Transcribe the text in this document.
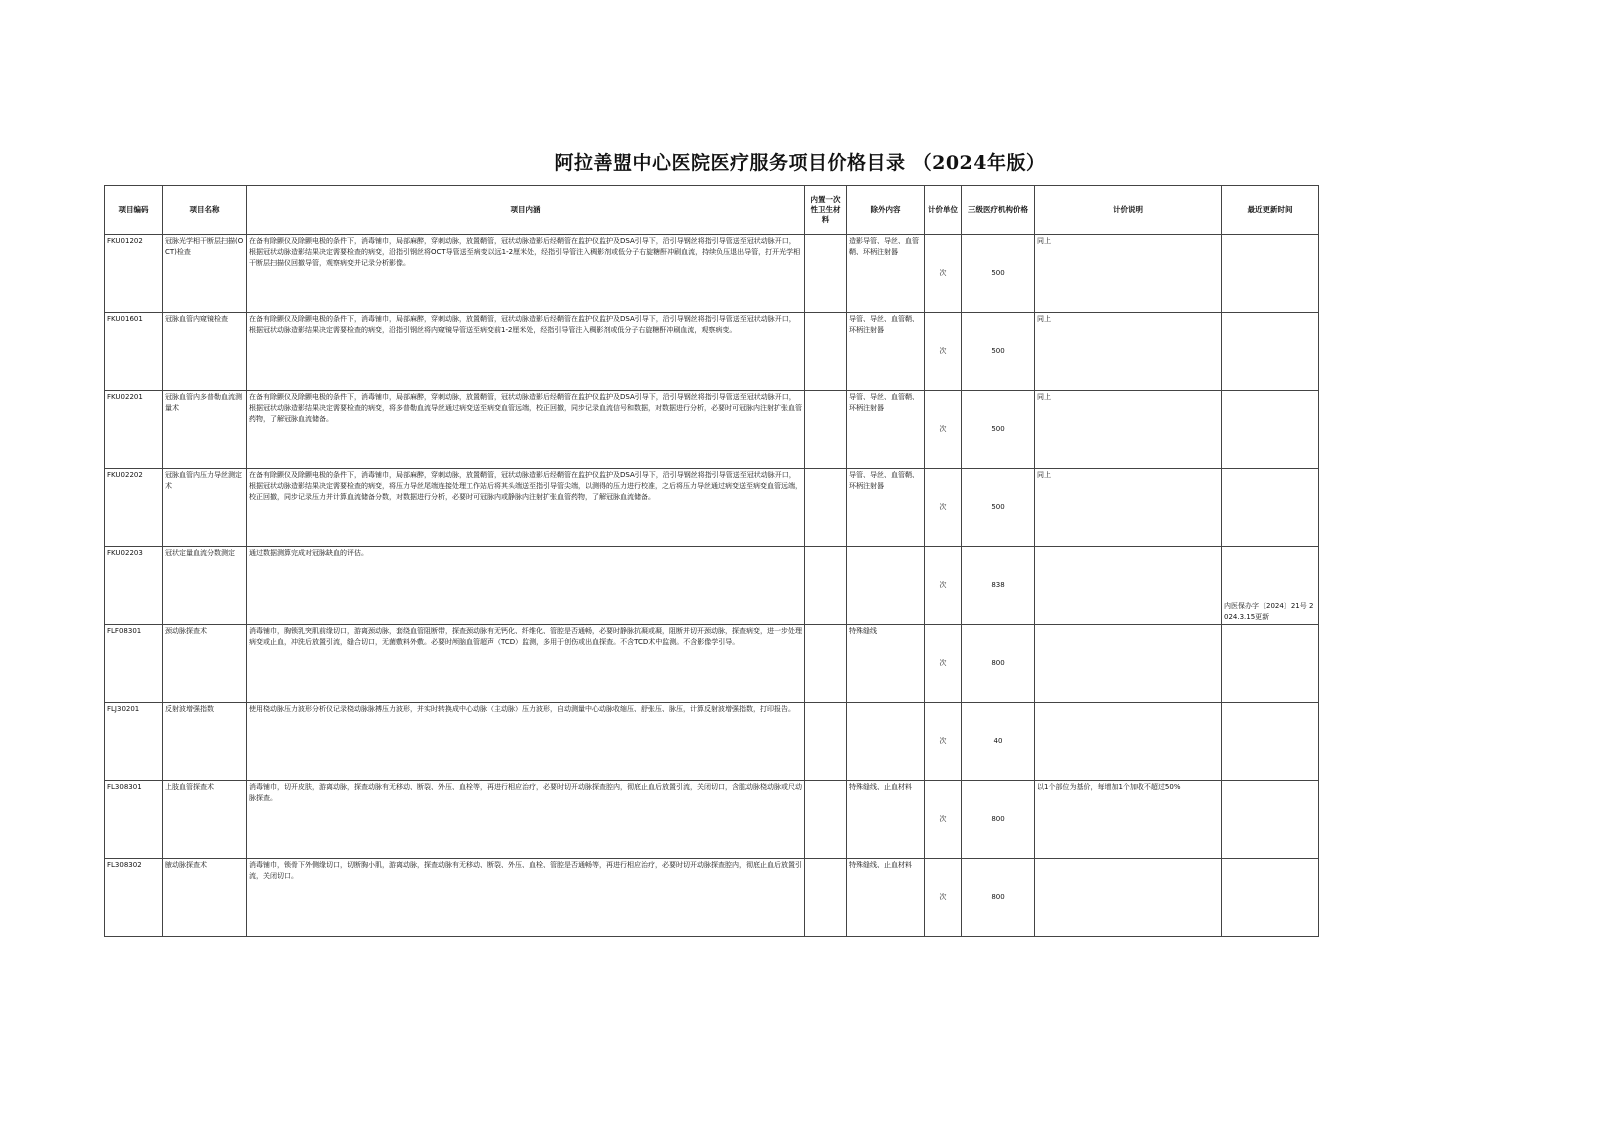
阿拉善盟中心医院医疗服务项目价格目录 （2024年版）
项目编码	项目名称	项目内涵	内置一次性卫生材料	除外内容	计价单位	三级医疗机构价格	计价说明	最近更新时间
FKU01202	冠脉光学相干断层扫描(OCT)检查	在备有除颤仪及除颤电极的条件下，消毒铺巾，局部麻醉，穿刺动脉，放置鞘管，冠状动脉造影后经鞘管在监护仪监护及DSA引导下，沿引导钢丝将指引导管送至冠状动脉开口，根据冠状动脉造影结果决定需要检查的病变，沿指引钢丝将OCT导管送至病变以远1-2厘米处，经指引导管注入稠影剂或低分子右旋糖酐冲刷血流，持续负压退出导管，打开光学相干断层扫描仪回撤导管，观察病变并记录分析影像。		造影导管、导丝、血管鞘、环柄注射器	次	500	同上	
FKU01601	冠脉血管内窥镜检查	在备有除颤仪及除颤电极的条件下，消毒铺巾，局部麻醉，穿刺动脉，放置鞘管，冠状动脉造影后经鞘管在监护仪监护及DSA引导下，沿引导钢丝将指引导管送至冠状动脉开口，根据冠状动脉造影结果决定需要检查的病变，沿指引钢丝将内窥镜导管送至病变前1-2厘米处，经指引导管注入稠影剂或低分子右旋糖酐冲刷血流，观察病变。		导管、导丝、血管鞘、环柄注射器	次	500	同上	
FKU02201	冠脉血管内多普勒血流测量术	在备有除颤仪及除颤电极的条件下，消毒铺巾，局部麻醉，穿刺动脉，放置鞘管，冠状动脉造影后经鞘管在监护仪监护及DSA引导下，沿引导钢丝将指引导管送至冠状动脉开口，根据冠状动脉造影结果决定需要检查的病变，将多普勒血流导丝通过病变送至病变血管远端，校正回撤，同步记录血流信号和数据，对数据进行分析，必要时可冠脉内注射扩张血管药物，了解冠脉血流储备。		导管、导丝、血管鞘、环柄注射器	次	500	同上	
FKU02202	冠脉血管内压力导丝测定术	在备有除颤仪及除颤电极的条件下，消毒铺巾，局部麻醉，穿刺动脉，放置鞘管，冠状动脉造影后经鞘管在监护仪监护及DSA引导下，沿引导钢丝将指引导管送至冠状动脉开口，根据冠状动脉造影结果决定需要检查的病变，将压力导丝尾端连接处理工作站后将其头端送至指引导管尖端，以测得的压力进行校准，之后将压力导丝通过病变送至病变血管远端，校正回撤，同步记录压力并计算血流储备分数，对数据进行分析，必要时可冠脉内或静脉内注射扩张血管药物，了解冠脉血流储备。		导管、导丝、血管鞘、环柄注射器	次	500	同上	
FKU02203	冠状定量血流分数测定	通过数据测算完成对冠脉缺血的评估。			次	838		内医保办字〔2024〕21号 2024.3.15更新
FLF08301	颈动脉探查术	消毒铺巾，胸锁乳突肌前缘切口，游离颈动脉，套绕血管阻断带，探查颈动脉有无钙化、纤维化、管腔是否通畅，必要时静脉抗凝或凝，阻断并切开颈动脉，探查病变，进一步处理病变或止血，冲洗后放置引流，缝合切口，无菌敷料外敷。必要时颅脑血管超声（TCD）监测，多用于创伤或出血探查。不含TCD术中监测。不含影像学引导。		特殊缝线	次	800		
FLJ30201	反射波增强指数	使用桡动脉压力波形分析仪记录桡动脉脉搏压力波形，并实时转换成中心动脉（主动脉）压力波形，自动测量中心动脉收缩压、舒张压、脉压，计算反射波增强指数，打印报告。			次	40		
FL308301	上肢血管探查术	消毒铺巾，切开皮肤，游离动脉，探查动脉有无移动、断裂、外压、血栓等，再进行相应治疗，必要时切开动脉探查腔内，彻底止血后放置引流，关闭切口，含肱动脉桡动脉或尺动脉探查。		特殊缝线、止血材料	次	800	以1个部位为基价，每增加1个加收不超过50%	
FL308302	腋动脉探查术	消毒铺巾，锁骨下外侧缘切口，切断胸小肌，游离动脉，探查动脉有无移动、断裂、外压、血栓、管腔是否通畅等，再进行相应治疗，必要时切开动脉探查腔内，彻底止血后放置引流，关闭切口。		特殊缝线、止血材料	次	800		
